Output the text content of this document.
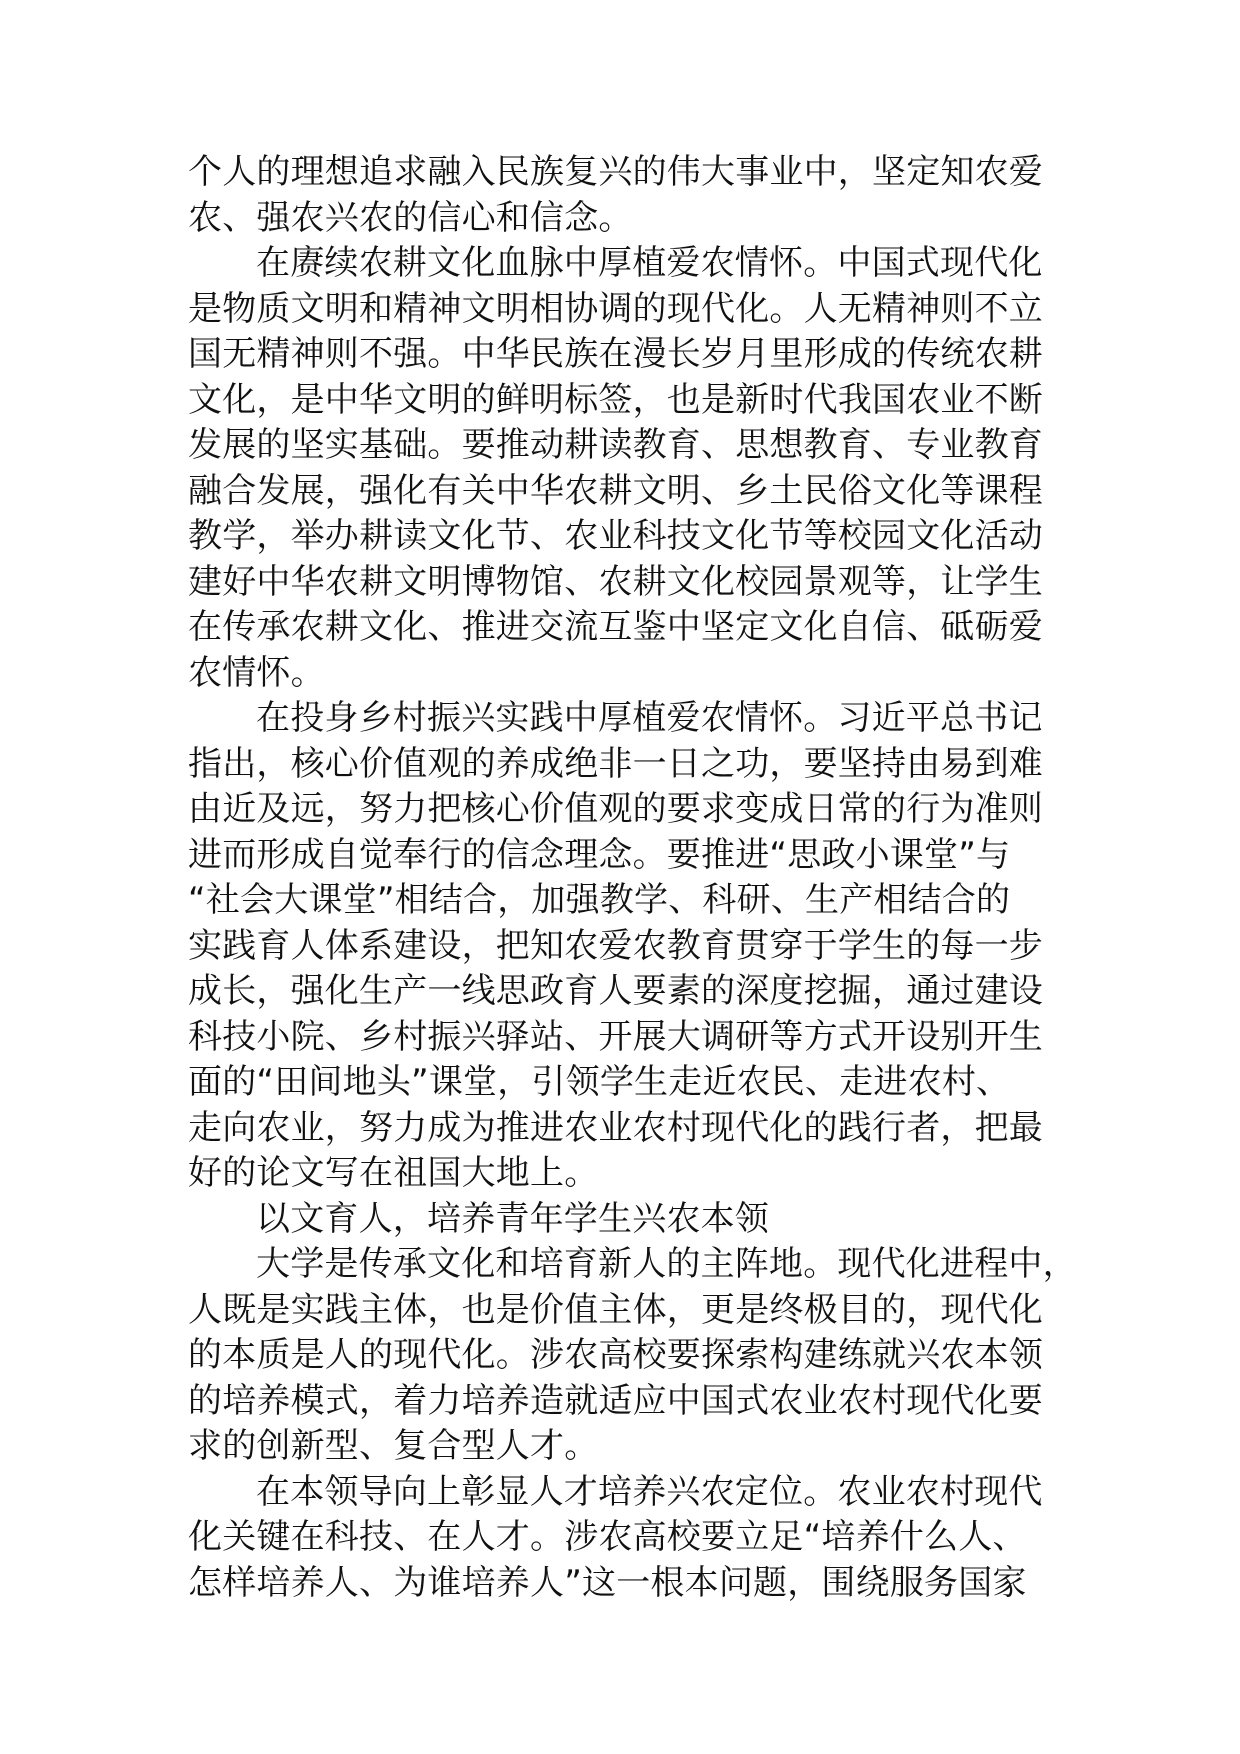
个人的理想追求融入民族复兴的伟大事业中，坚定知农爱
农、强农兴农的信心和信念。
在赓续农耕文化血脉中厚植爱农情怀。中国式现代化
是物质文明和精神文明相协调的现代化。人无精神则不立
国无精神则不强。中华民族在漫长岁月里形成的传统农耕
文化，是中华文明的鲜明标签，也是新时代我国农业不断
发展的坚实基础。要推动耕读教育、思想教育、专业教育
融合发展，强化有关中华农耕文明、乡土民俗文化等课程
教学，举办耕读文化节、农业科技文化节等校园文化活动
建好中华农耕文明博物馆、农耕文化校园景观等，让学生
在传承农耕文化、推进交流互鉴中坚定文化自信、砥砺爱
农情怀。
在投身乡村振兴实践中厚植爱农情怀。习近平总书记
指出，核心价值观的养成绝非一日之功，要坚持由易到难
由近及远，努力把核心价值观的要求变成日常的行为准则
进而形成自觉奉行的信念理念。要推进“思政小课堂”与
“社会大课堂”相结合，加强教学、科研、生产相结合的
实践育人体系建设，把知农爱农教育贯穿于学生的每一步
成长，强化生产一线思政育人要素的深度挖掘，通过建设
科技小院、乡村振兴驿站、开展大调研等方式开设别开生
面的“田间地头”课堂，引领学生走近农民、走进农村、
走向农业，努力成为推进农业农村现代化的践行者，把最
好的论文写在祖国大地上。
以文育人，培养青年学生兴农本领
大学是传承文化和培育新人的主阵地。现代化进程中，
人既是实践主体，也是价值主体，更是终极目的，现代化
的本质是人的现代化。涉农高校要探索构建练就兴农本领
的培养模式，着力培养造就适应中国式农业农村现代化要
求的创新型、复合型人才。
在本领导向上彰显人才培养兴农定位。农业农村现代
化关键在科技、在人才。涉农高校要立足“培养什么人、
怎样培养人、为谁培养人”这一根本问题，围绕服务国家
